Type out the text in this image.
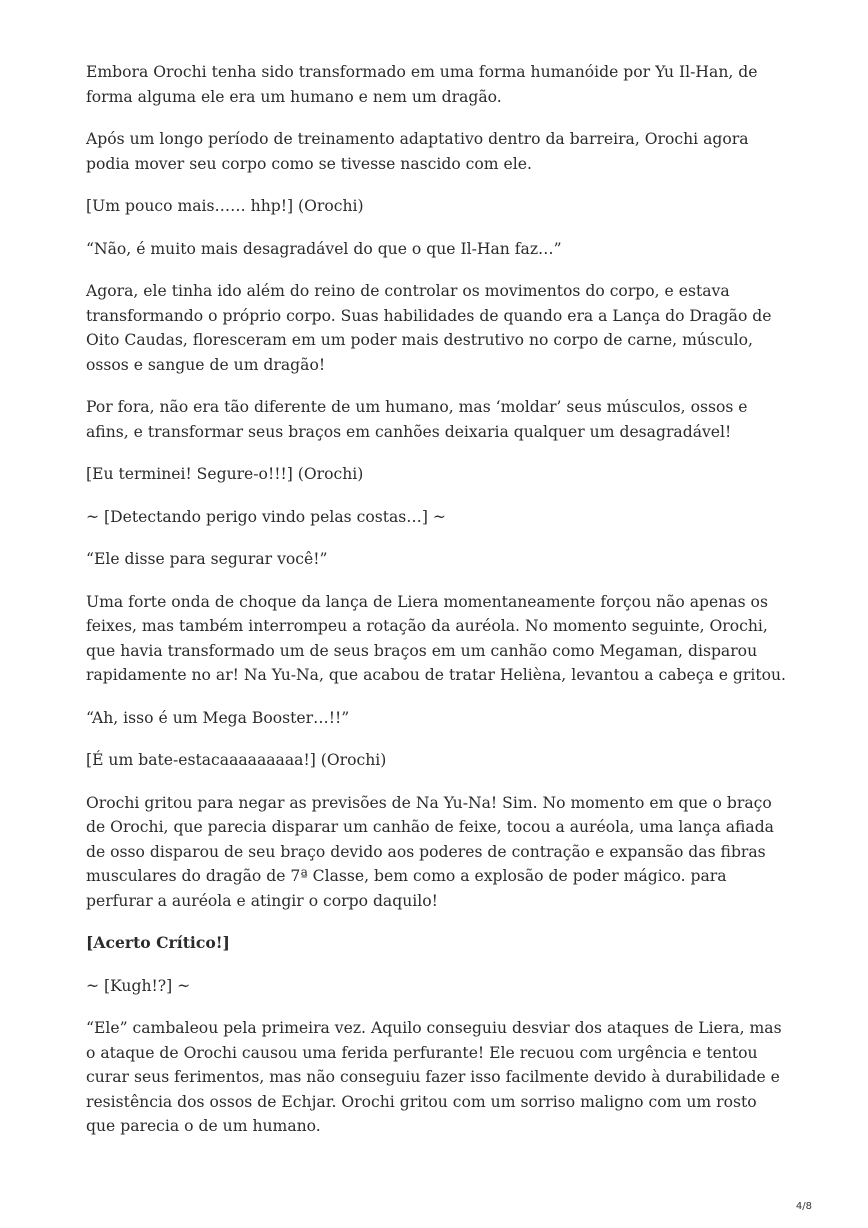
Embora Orochi tenha sido transformado em uma forma humanóide por Yu Il-Han, de forma alguma ele era um humano e nem um dragão.

Após um longo período de treinamento adaptativo dentro da barreira, Orochi agora podia mover seu corpo como se tivesse nascido com ele.

[Um pouco mais…… hhp!] (Orochi)

“Não, é muito mais desagradável do que o que Il-Han faz…”

Agora, ele tinha ido além do reino de controlar os movimentos do corpo, e estava transformando o próprio corpo. Suas habilidades de quando era a Lança do Dragão de Oito Caudas, floresceram em um poder mais destrutivo no corpo de carne, músculo, ossos e sangue de um dragão!

Por fora, não era tão diferente de um humano, mas ‘moldar’ seus músculos, ossos e afins, e transformar seus braços em canhões deixaria qualquer um desagradável!

[Eu terminei! Segure-o!!!] (Orochi)

~ [Detectando perigo vindo pelas costas…] ~

“Ele disse para segurar você!”

Uma forte onda de choque da lança de Liera momentaneamente forçou não apenas os feixes, mas também interrompeu a rotação da auréola. No momento seguinte, Orochi, que havia transformado um de seus braços em um canhão como Megaman, disparou rapidamente no ar! Na Yu-Na, que acabou de tratar Helièna, levantou a cabeça e gritou.

“Ah, isso é um Mega Booster…!!”

[É um bate-estacaaaaaaaaa!] (Orochi)

Orochi gritou para negar as previsões de Na Yu-Na! Sim. No momento em que o braço de Orochi, que parecia disparar um canhão de feixe, tocou a auréola, uma lança afiada de osso disparou de seu braço devido aos poderes de contração e expansão das fibras musculares do dragão de 7ª Classe, bem como a explosão de poder mágico. para perfurar a auréola e atingir o corpo daquilo!

[Acerto Crítico!]

~ [Kugh!?] ~

“Ele” cambaleou pela primeira vez. Aquilo conseguiu desviar dos ataques de Liera, mas o ataque de Orochi causou uma ferida perfurante! Ele recuou com urgência e tentou curar seus ferimentos, mas não conseguiu fazer isso facilmente devido à durabilidade e resistência dos ossos de Echjar. Orochi gritou com um sorriso maligno com um rosto que parecia o de um humano.

4/8
